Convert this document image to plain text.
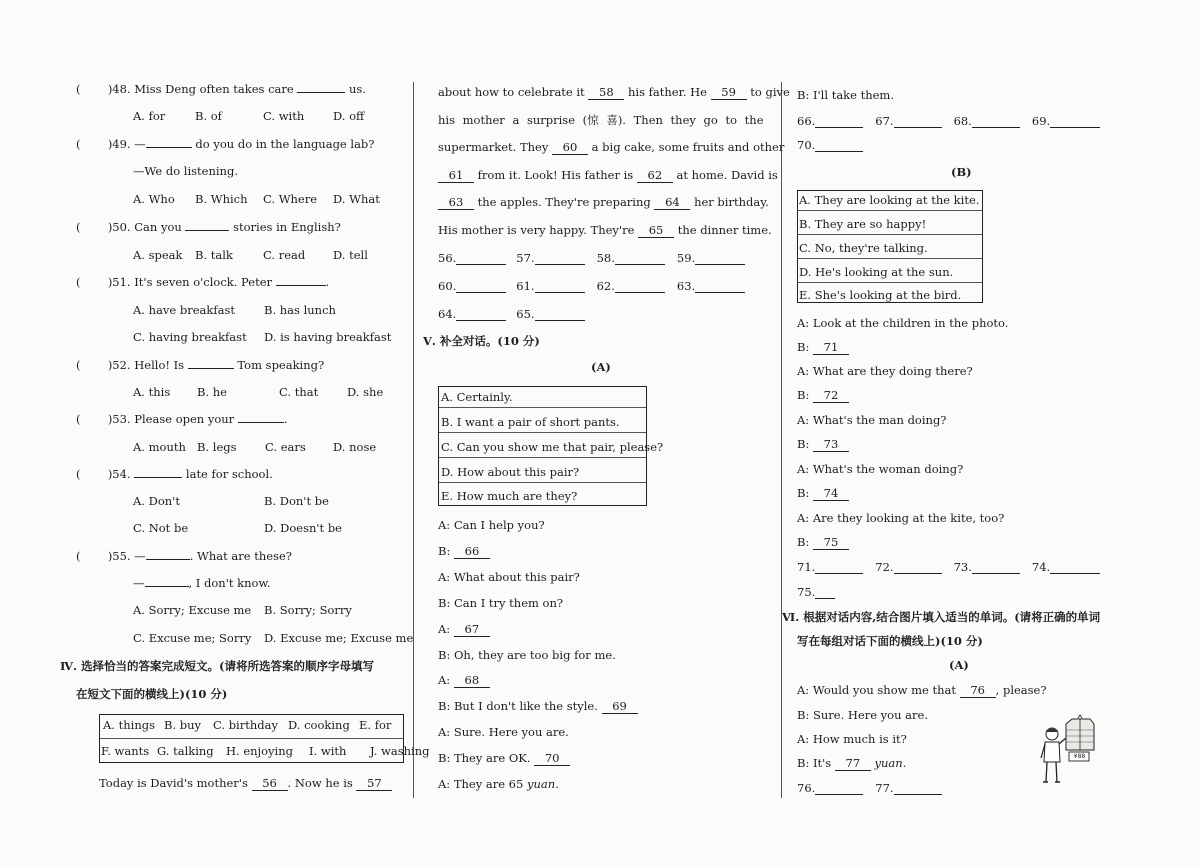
( )48. Miss Deng often takes care	us.
A. for	B. of	C. with	D. off
( )49. —	do you do in the language lab?
—We do listening.
A. Who B. Which C. Where D. What
( )50. Can you	stories in English?
A. speak B. talk	C. read D. tell
( )51. It's seven o'clock. Peter	.
A. have breakfast	B. has lunch
C. having breakfast D. is having breakfast
( )52. Hello! Is	Tom speaking?
A. this B. he	C. that	D. she
( )53. Please open your	.
A. mouth B. legs C. ears D. nose
( )54.	late for school.
A. Don't	B. Don't be
C. Not be	D. Doesn't be
( )55. —	. What are these?
—	, I don't know.
A. Sorry; Excuse me B. Sorry; Sorry
C. Excuse me; Sorry D. Excuse me; Excuse me
Ⅳ. 选择恰当的答案完成短文。(请将所选答案的顺序字母填写
在短文下面的横线上)(10 分)
A. things B. buy C. birthday D. cooking E. for
F. wants G. talking H. enjoying I. with J. washing
Today is David's mother's 56 . Now he is 57
about how to celebrate it 58 his father. He 59 to give
his mother a surprise (惊 喜). Then they go to the
supermarket. They 60 a big cake, some fruits and other
61 from it. Look! His father is 62 at home. David is
63 the apples. They're preparing 64 her birthday.
His mother is very happy. They're 65 the dinner time.
56.	57.	58.	59.
60.	61.	62.	63.
64.	65.
Ⅴ. 补全对话。(10 分)
(A)
A. Certainly.
B. I want a pair of short pants.
C. Can you show me that pair, please?
D. How about this pair?
E. How much are they?
A: Can I help you?
B: 66
A: What about this pair?
B: Can I try them on?
A: 67
B: Oh, they are too big for me.
A: 68
B: But I don't like the style. 69
A: Sure. Here you are.
B: They are OK. 70
A: They are 65 yuan.
B: I'll take them.
66.	67.	68.	69.
70.
(B)
A. They are looking at the kite.
B. They are so happy!
C. No, they're talking.
D. He's looking at the sun.
E. She's looking at the bird.
A: Look at the children in the photo.
B: 71
A: What are they doing there?
B: 72
A: What's the man doing?
B: 73
A: What's the woman doing?
B: 74
A: Are they looking at the kite, too?
B: 75
71.	72.	73.	74.
75.
Ⅵ. 根据对话内容,结合图片填入适当的单词。(请将正确的单词
写在每组对话下面的横线上)(10 分)
(A)
A: Would you show me that 76 , please?
B: Sure. Here you are.
A: How much is it?
B: It's 77 yuan.
76.	77.
¥88
